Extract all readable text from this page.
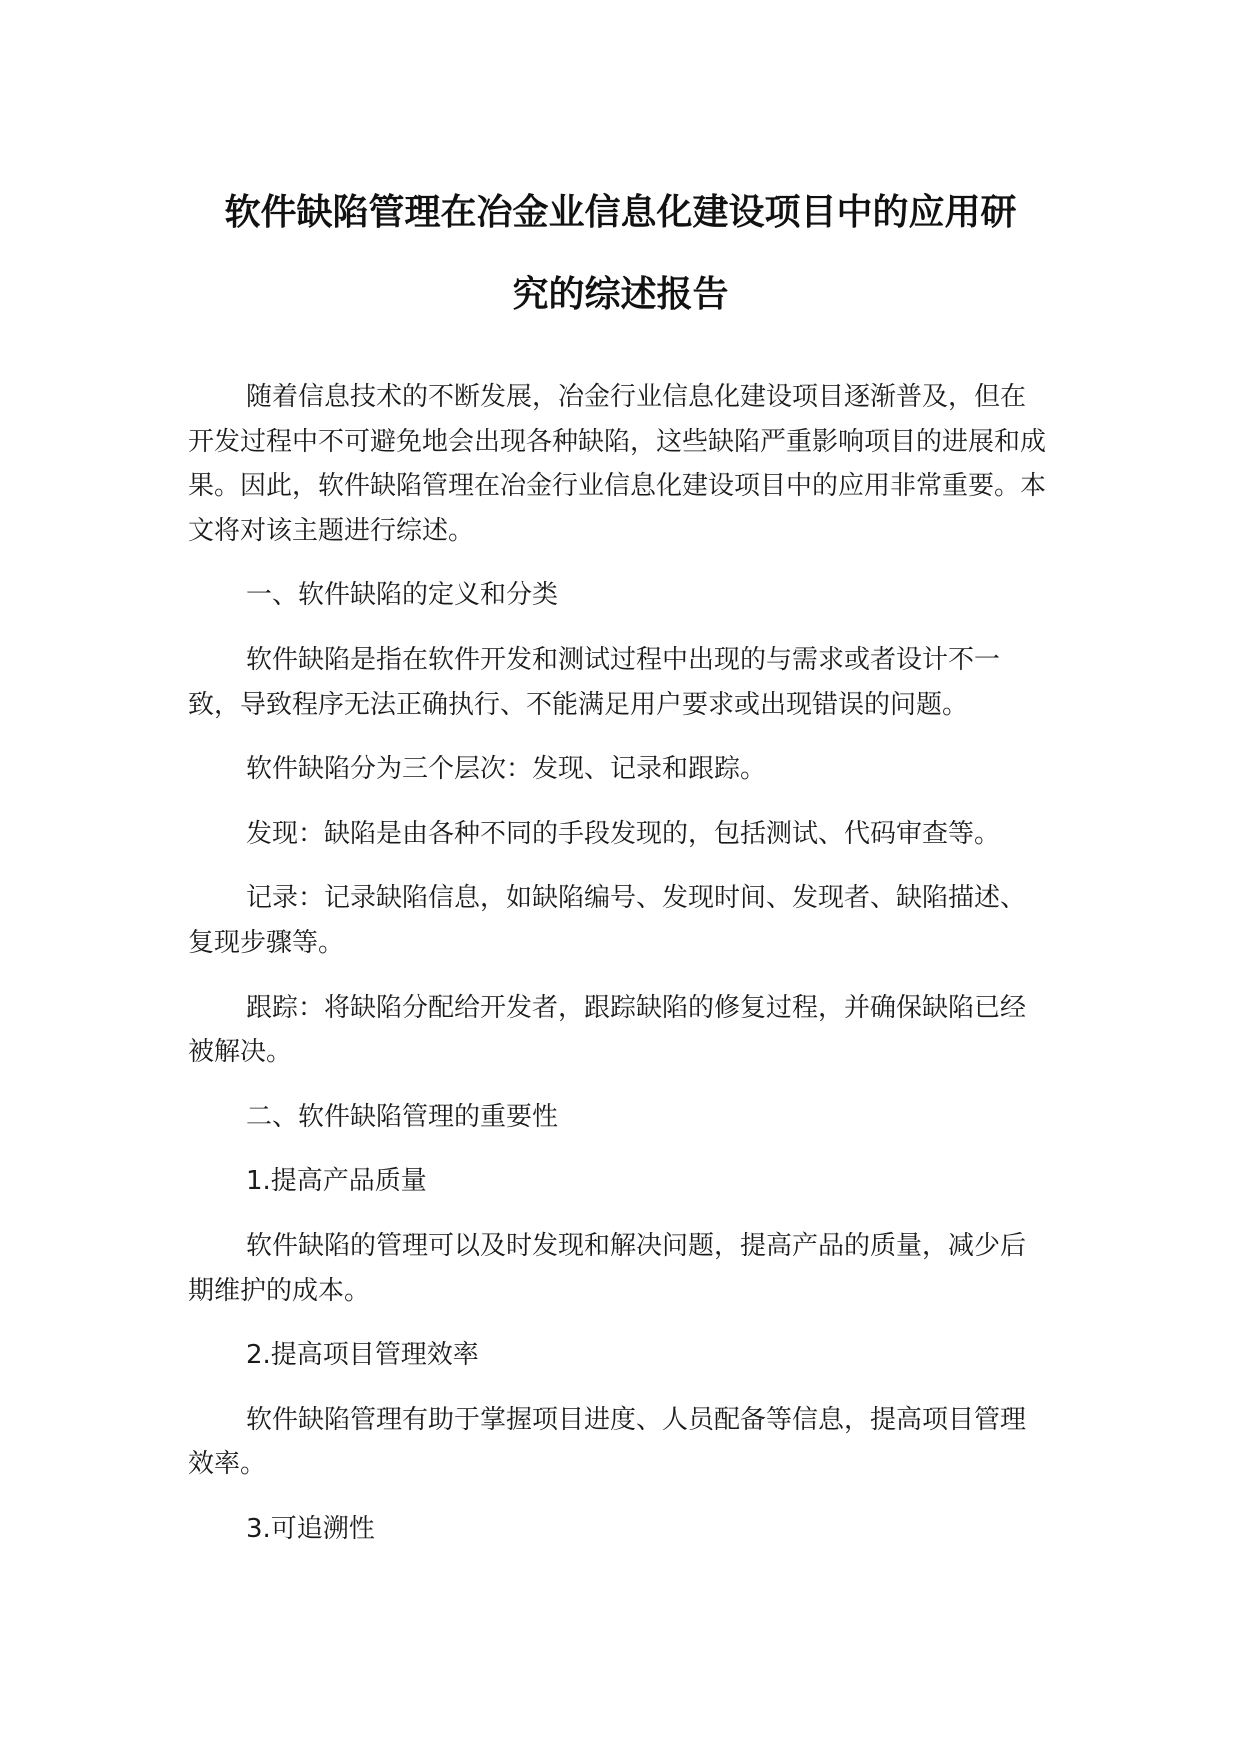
软件缺陷管理在冶金业信息化建设项目中的应用研
究的综述报告

随着信息技术的不断发展，冶金行业信息化建设项目逐渐普及，但在开发过程中不可避免地会出现各种缺陷，这些缺陷严重影响项目的进展和成果。因此，软件缺陷管理在冶金行业信息化建设项目中的应用非常重要。本文将对该主题进行综述。

一、软件缺陷的定义和分类

软件缺陷是指在软件开发和测试过程中出现的与需求或者设计不一致，导致程序无法正确执行、不能满足用户要求或出现错误的问题。

软件缺陷分为三个层次：发现、记录和跟踪。

发现：缺陷是由各种不同的手段发现的，包括测试、代码审查等。

记录：记录缺陷信息，如缺陷编号、发现时间、发现者、缺陷描述、复现步骤等。

跟踪：将缺陷分配给开发者，跟踪缺陷的修复过程，并确保缺陷已经被解决。

二、软件缺陷管理的重要性

1.提高产品质量

软件缺陷的管理可以及时发现和解决问题，提高产品的质量，减少后期维护的成本。

2.提高项目管理效率

软件缺陷管理有助于掌握项目进度、人员配备等信息，提高项目管理效率。

3.可追溯性
